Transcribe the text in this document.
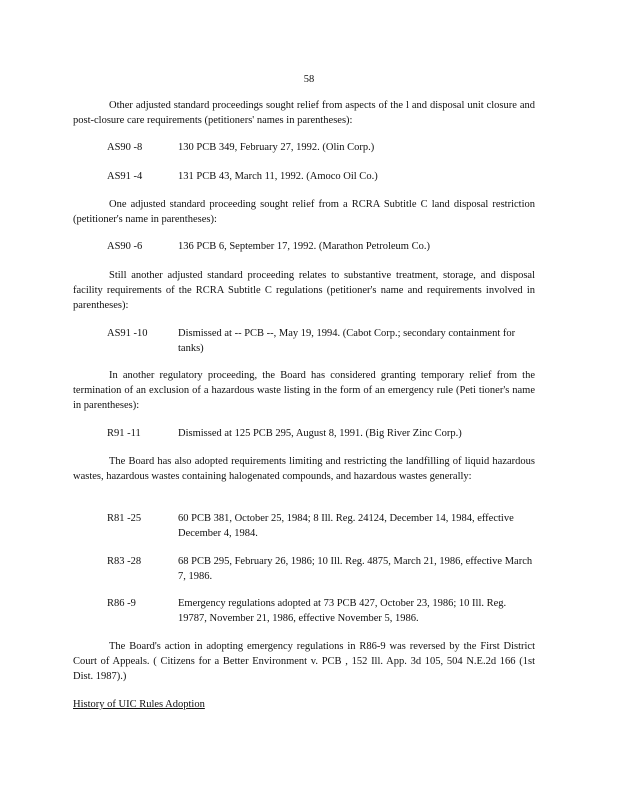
58
Other adjusted standard proceedings sought relief from aspects of the l and disposal unit closure and post-closure care requirements (petitioners' names in parentheses):
AS90 -8	130 PCB 349, February 27, 1992. (Olin Corp.)
AS91 -4	131 PCB 43, March 11, 1992. (Amoco Oil Co.)
One adjusted standard proceeding sought relief from a RCRA Subtitle C land disposal restriction (petitioner's name in parentheses):
AS90 -6	136 PCB 6, September 17, 1992. (Marathon Petroleum Co.)
Still another adjusted standard proceeding relates to substantive treatment, storage, and disposal facility requirements of the RCRA Subtitle C regulations (petitioner's name and requirements involved in parentheses):
AS91 -10	Dismissed at -- PCB --, May 19, 1994. (Cabot Corp.; secondary containment for tanks)
In another regulatory proceeding, the Board has considered granting temporary relief from the termination of an exclusion of a hazardous waste listing in the form of an emergency rule (Peti tioner's name in parentheses):
R91 -11	Dismissed at 125 PCB 295, August 8, 1991. (Big River Zinc Corp.)
The Board has also adopted requirements limiting and restricting the landfilling of liquid hazardous wastes, hazardous wastes containing halogenated compounds, and hazardous wastes generally:
R81 -25	60 PCB 381, October 25, 1984; 8 Ill. Reg. 24124, December 14, 1984, effective December 4, 1984.
R83 -28	68 PCB 295, February 26, 1986; 10 Ill. Reg. 4875, March 21, 1986, effective March 7, 1986.
R86 -9	Emergency regulations adopted at 73 PCB 427, October 23, 1986; 10 Ill. Reg. 19787, November 21, 1986, effective November 5, 1986.
The Board's action in adopting emergency regulations in R86-9 was reversed by the First District Court of Appeals. ( Citizens for a Better Environment v. PCB , 152 Ill. App. 3d 105, 504 N.E.2d 166 (1st Dist. 1987).)
History of UIC Rules Adoption
